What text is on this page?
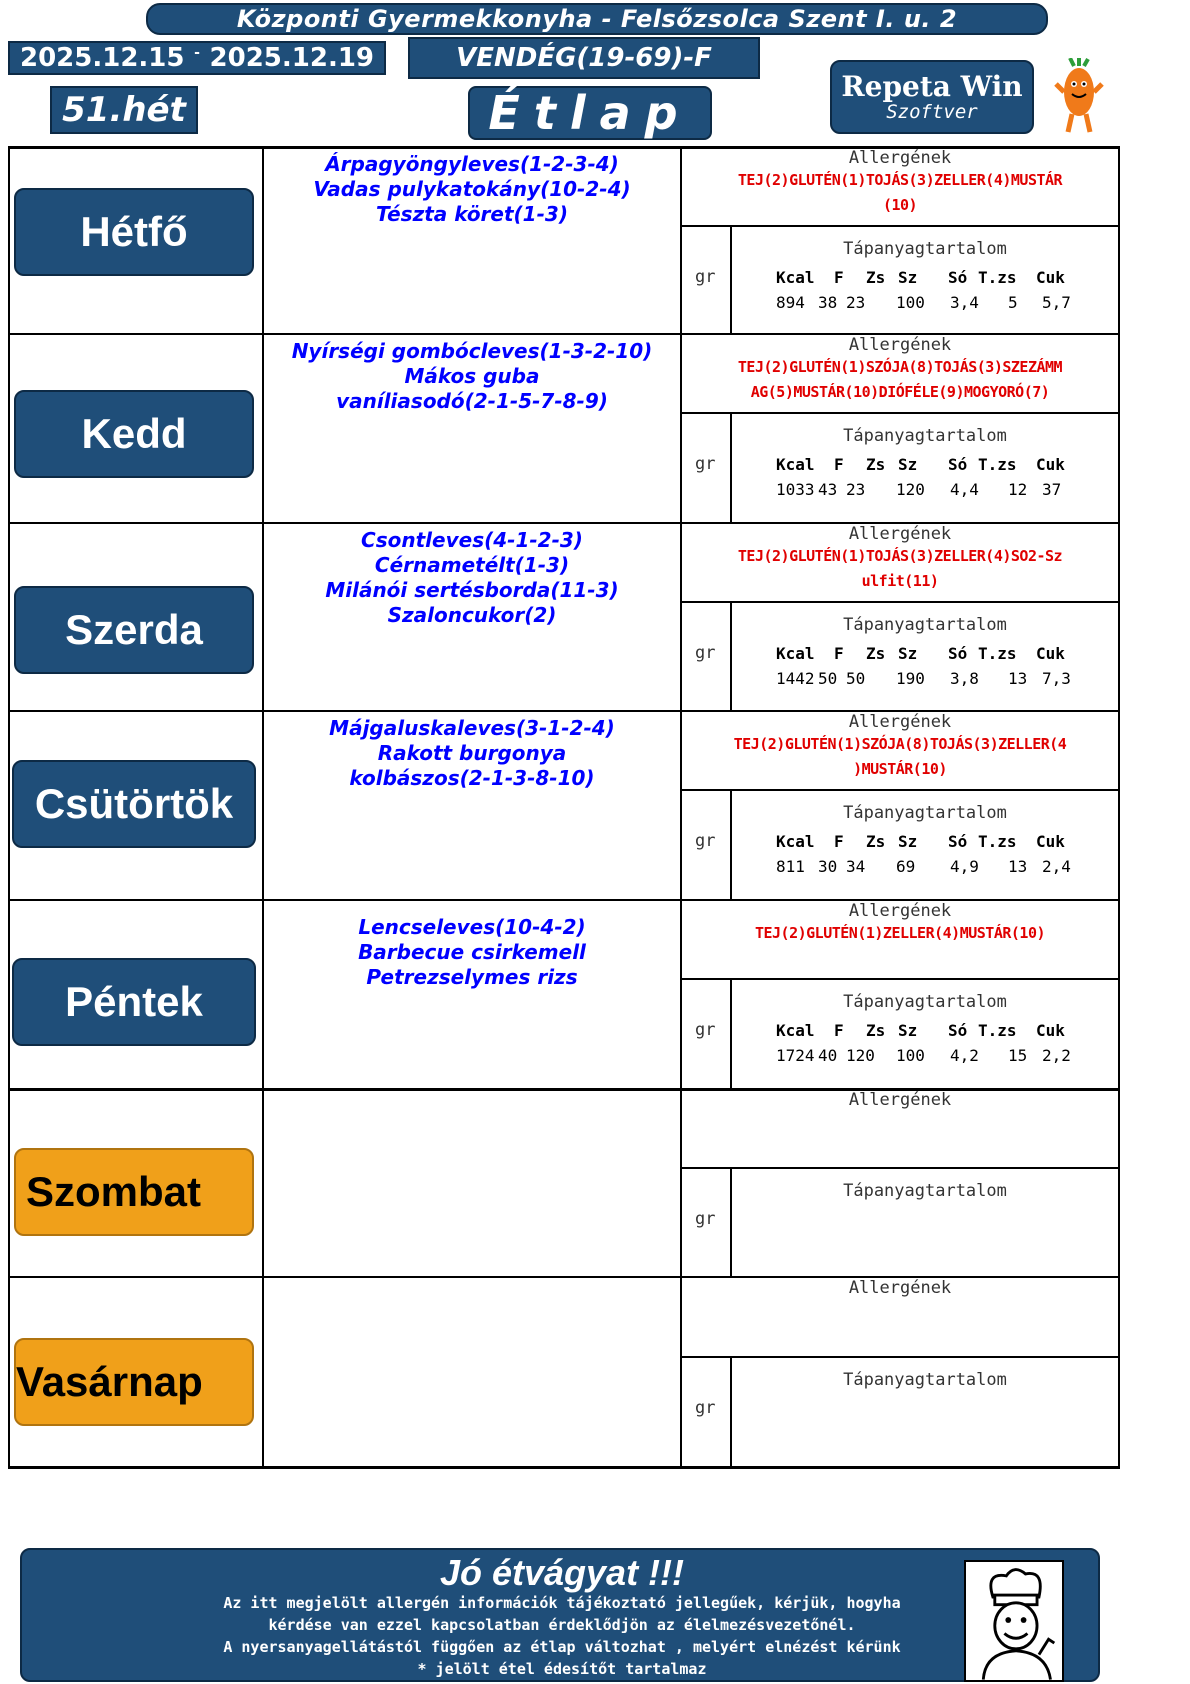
Központi Gyermekkonyha - Felsőzsolca Szent I. u. 2
2025.12.15 - 2025.12.19	VENDÉG(19-69)-F
51.hét	Étlap	Repeta Win
Szoftver
Hétfő
Árpagyöngyleves(1-2-3-4)
Vadas pulykatokány(10-2-4)
Tészta köret(1-3)
Allergének
TEJ(2)GLUTÉN(1)TOJÁS(3)ZELLER(4)MUSTÁR
(10)
Tápanyagtartalom
gr	Kcal F Zs Sz Só T.zs Cuk
894 38 23 100 3,4 5 5,7
Kedd
Nyírségi gombócleves(1-3-2-10)
Mákos guba
vaníliasodó(2-1-5-7-8-9)
Allergének
TEJ(2)GLUTÉN(1)SZÓJA(8)TOJÁS(3)SZEZÁMM
AG(5)MUSTÁR(10)DIÓFÉLE(9)MOGYORÓ(7)
Tápanyagtartalom
gr	Kcal F Zs Sz Só T.zs Cuk
1033 43 23 120 4,4 12 37
Szerda
Csontleves(4-1-2-3)
Cérnametélt(1-3)
Milánói sertésborda(11-3)
Szaloncukor(2)
Allergének
TEJ(2)GLUTÉN(1)TOJÁS(3)ZELLER(4)SO2-Sz
ulfit(11)
Tápanyagtartalom
gr	Kcal F Zs Sz Só T.zs Cuk
1442 50 50 190 3,8 13 7,3
Csütörtök
Májgaluskaleves(3-1-2-4)
Rakott burgonya
kolbászos(2-1-3-8-10)
Allergének
TEJ(2)GLUTÉN(1)SZÓJA(8)TOJÁS(3)ZELLER(4
)MUSTÁR(10)
Tápanyagtartalom
gr	Kcal F Zs Sz Só T.zs Cuk
811 30 34 69 4,9 13 2,4
Péntek
Lencseleves(10-4-2)
Barbecue csirkemell
Petrezselymes rizs
Allergének
TEJ(2)GLUTÉN(1)ZELLER(4)MUSTÁR(10)
Tápanyagtartalom
gr	Kcal F Zs Sz Só T.zs Cuk
1724 40 120 100 4,2 15 2,2
Szombat
Allergének
Tápanyagtartalom
gr
Vasárnap
Allergének
Tápanyagtartalom
gr
Jó étvágyat !!!
Az itt megjelölt allergén információk tájékoztató jellegűek, kérjük, hogyha
kérdése van ezzel kapcsolatban érdeklődjön az élelmezésvezetőnél.
A nyersanyagellátástól függően az étlap változhat , melyért elnézést kérünk
* jelölt étel édesítőt tartalmaz
